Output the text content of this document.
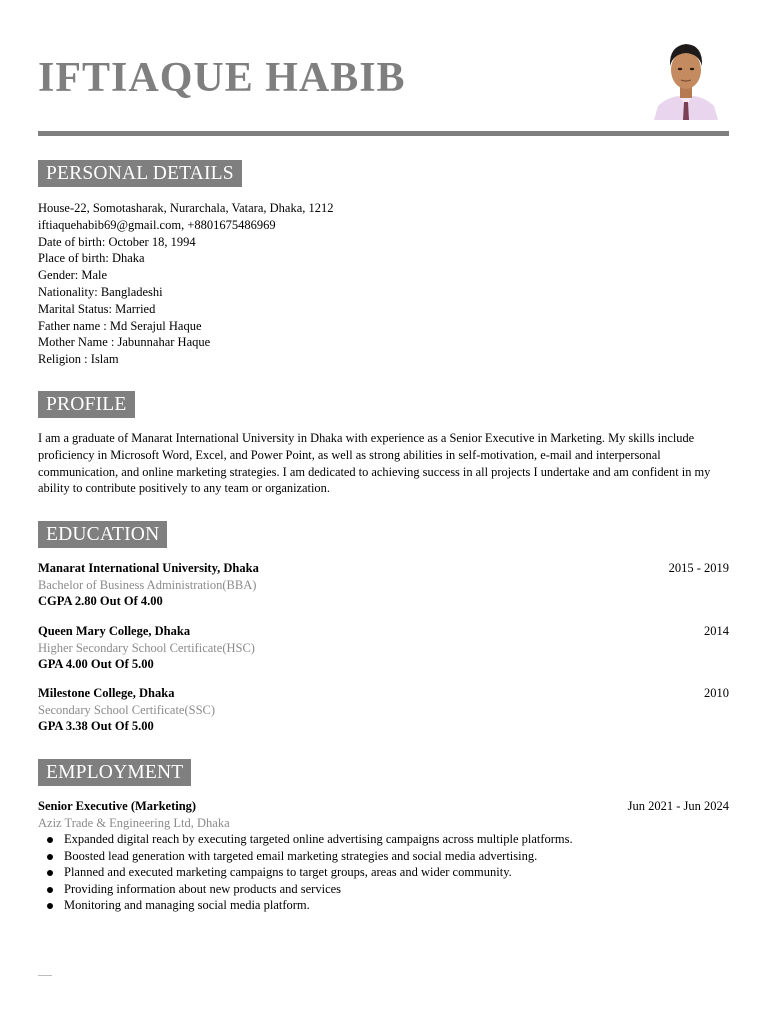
IFTIAQUE HABIB
PERSONAL DETAILS
House-22, Somotasharak, Nurarchala, Vatara, Dhaka, 1212
iftiaquehabib69@gmail.com, +8801675486969
Date of birth: October 18, 1994
Place of birth: Dhaka
Gender: Male
Nationality: Bangladeshi
Marital Status: Married
Father name : Md Serajul Haque
Mother Name : Jabunnahar Haque
Religion : Islam
PROFILE
I am a graduate of Manarat International University in Dhaka with experience as a Senior Executive in Marketing. My skills include proficiency in Microsoft Word, Excel, and Power Point, as well as strong abilities in self-motivation, e-mail and interpersonal communication, and online marketing strategies. I am dedicated to achieving success in all projects I undertake and am confident in my ability to contribute positively to any team or organization.
EDUCATION
Manarat International University, Dhaka	2015 - 2019
Bachelor of Business Administration(BBA)
CGPA 2.80 Out Of 4.00
Queen Mary College, Dhaka	2014
Higher Secondary School Certificate(HSC)
GPA 4.00 Out Of 5.00
Milestone College, Dhaka	2010
Secondary School Certificate(SSC)
GPA 3.38 Out Of 5.00
EMPLOYMENT
Senior Executive (Marketing)	Jun 2021 - Jun 2024
Aziz Trade & Engineering Ltd, Dhaka
Expanded digital reach by executing targeted online advertising campaigns across multiple platforms.
Boosted lead generation with targeted email marketing strategies and social media advertising.
Planned and executed marketing campaigns to target groups, areas and wider community.
Providing information about new products and services
Monitoring and managing social media platform.
